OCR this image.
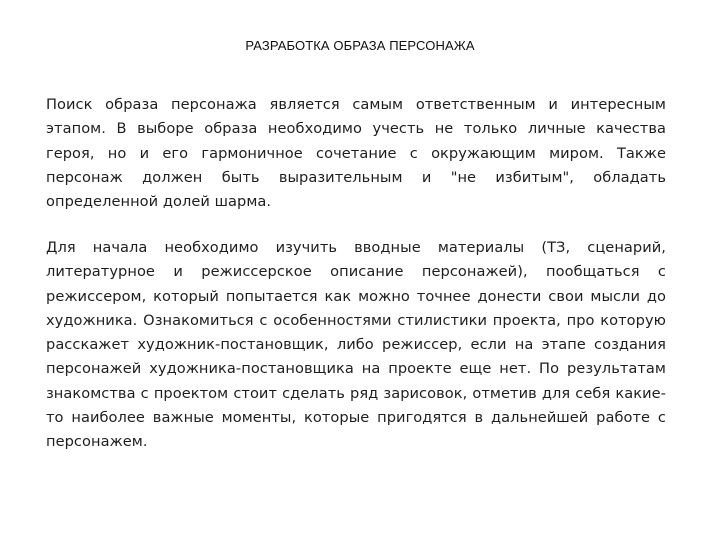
РАЗРАБОТКА ОБРАЗА ПЕРСОНАЖА

Поиск образа персонажа является самым ответственным и интересным этапом. В выборе образа необходимо учесть не только личные качества героя, но и его гармоничное сочетание с окружающим миром. Также персонаж должен быть выразительным и "не избитым", обладать определенной долей шарма.

Для начала необходимо изучить вводные материалы (ТЗ, сценарий, литературное и режиссерское описание персонажей), пообщаться с режиссером, который попытается как можно точнее донести свои мысли до художника. Ознакомиться с особенностями стилистики проекта, про которую расскажет художник-постановщик, либо режиссер, если на этапе создания персонажей художника-постановщика на проекте еще нет. По результатам знакомства с проектом стоит сделать ряд зарисовок, отметив для себя какие-то наиболее важные моменты, которые пригодятся в дальнейшей работе с персонажем.
